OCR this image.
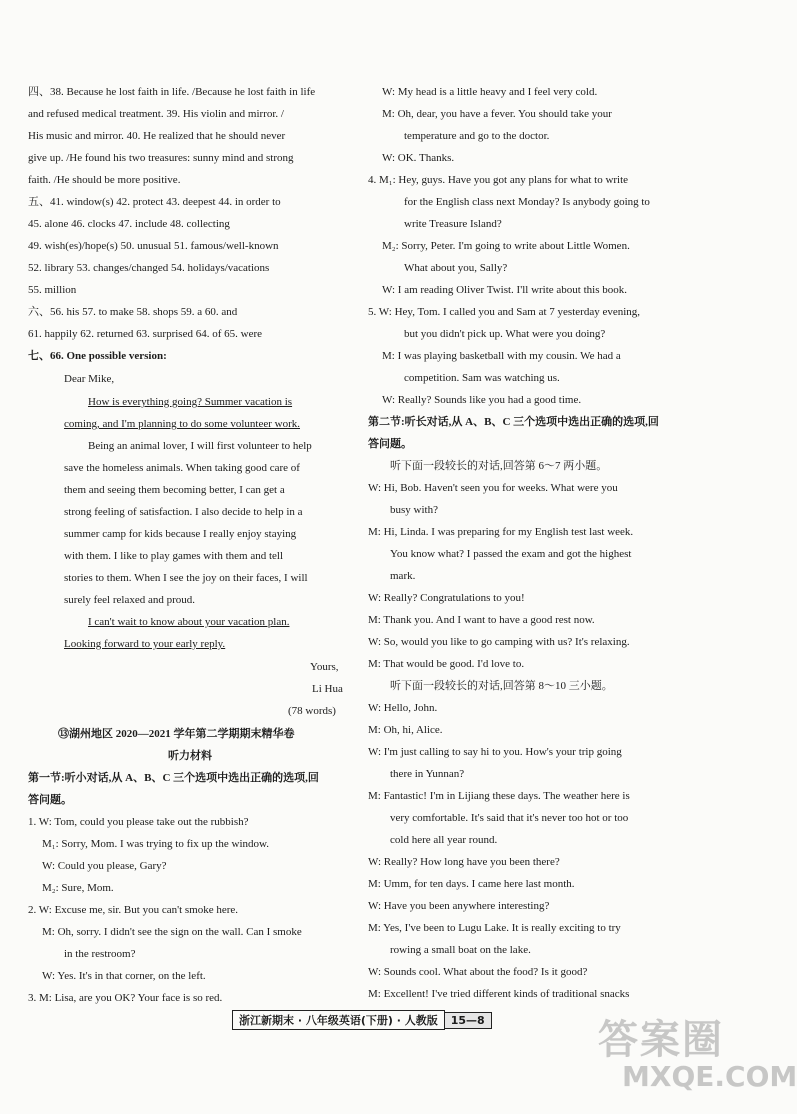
四、38. Because he lost faith in life. /Because he lost faith in life
and refused medical treatment. 39. His violin and mirror. /
His music and mirror. 40. He realized that he should never
give up. /He found his two treasures: sunny mind and strong
faith. /He should be more positive.
五、41. window(s) 42. protect 43. deepest 44. in order to
45. alone 46. clocks 47. include 48. collecting
49. wish(es)/hope(s) 50. unusual 51. famous/well-known
52. library 53. changes/changed 54. holidays/vacations
55. million
六、56. his 57. to make 58. shops 59. a 60. and
61. happily 62. returned 63. surprised 64. of 65. were
七、66. One possible version:
Dear Mike,
How is everything going? Summer vacation is
coming, and I'm planning to do some volunteer work.
Being an animal lover, I will first volunteer to help
save the homeless animals. When taking good care of
them and seeing them becoming better, I can get a
strong feeling of satisfaction. I also decide to help in a
summer camp for kids because I really enjoy staying
with them. I like to play games with them and tell
stories to them. When I see the joy on their faces, I will
surely feel relaxed and proud.
I can't wait to know about your vacation plan.
Looking forward to your early reply.
Yours,
Li Hua
(78 words)
⑬湖州地区 2020—2021 学年第二学期期末精华卷
听力材料
第一节:听小对话,从 A、B、C 三个选项中选出正确的选项,回
答问题。
1. W: Tom, could you please take out the rubbish?
M₁: Sorry, Mom. I was trying to fix up the window.
W: Could you please, Gary?
M₂: Sure, Mom.
2. W: Excuse me, sir. But you can't smoke here.
M: Oh, sorry. I didn't see the sign on the wall. Can I smoke
in the restroom?
W: Yes. It's in that corner, on the left.
3. M: Lisa, are you OK? Your face is so red.
W: My head is a little heavy and I feel very cold.
M: Oh, dear, you have a fever. You should take your
temperature and go to the doctor.
W: OK. Thanks.
4. M₁: Hey, guys. Have you got any plans for what to write
for the English class next Monday? Is anybody going to
write Treasure Island?
M₂: Sorry, Peter. I'm going to write about Little Women.
What about you, Sally?
W: I am reading Oliver Twist. I'll write about this book.
5. W: Hey, Tom. I called you and Sam at 7 yesterday evening,
but you didn't pick up. What were you doing?
M: I was playing basketball with my cousin. We had a
competition. Sam was watching us.
W: Really? Sounds like you had a good time.
第二节:听长对话,从 A、B、C 三个选项中选出正确的选项,回
答问题。
听下面一段较长的对话,回答第 6～7 两小题。
W: Hi, Bob. Haven't seen you for weeks. What were you
busy with?
M: Hi, Linda. I was preparing for my English test last week.
You know what? I passed the exam and got the highest
mark.
W: Really? Congratulations to you!
M: Thank you. And I want to have a good rest now.
W: So, would you like to go camping with us? It's relaxing.
M: That would be good. I'd love to.
听下面一段较长的对话,回答第 8～10 三小题。
W: Hello, John.
M: Oh, hi, Alice.
W: I'm just calling to say hi to you. How's your trip going
there in Yunnan?
M: Fantastic! I'm in Lijiang these days. The weather here is
very comfortable. It's said that it's never too hot or too
cold here all year round.
W: Really? How long have you been there?
M: Umm, for ten days. I came here last month.
W: Have you been anywhere interesting?
M: Yes, I've been to Lugu Lake. It is really exciting to try
rowing a small boat on the lake.
W: Sounds cool. What about the food? Is it good?
M: Excellent! I've tried different kinds of traditional snacks
浙江新期末 · 八年级英语(下册) · 人教版	15—8	答案圈
MXQE.COM
